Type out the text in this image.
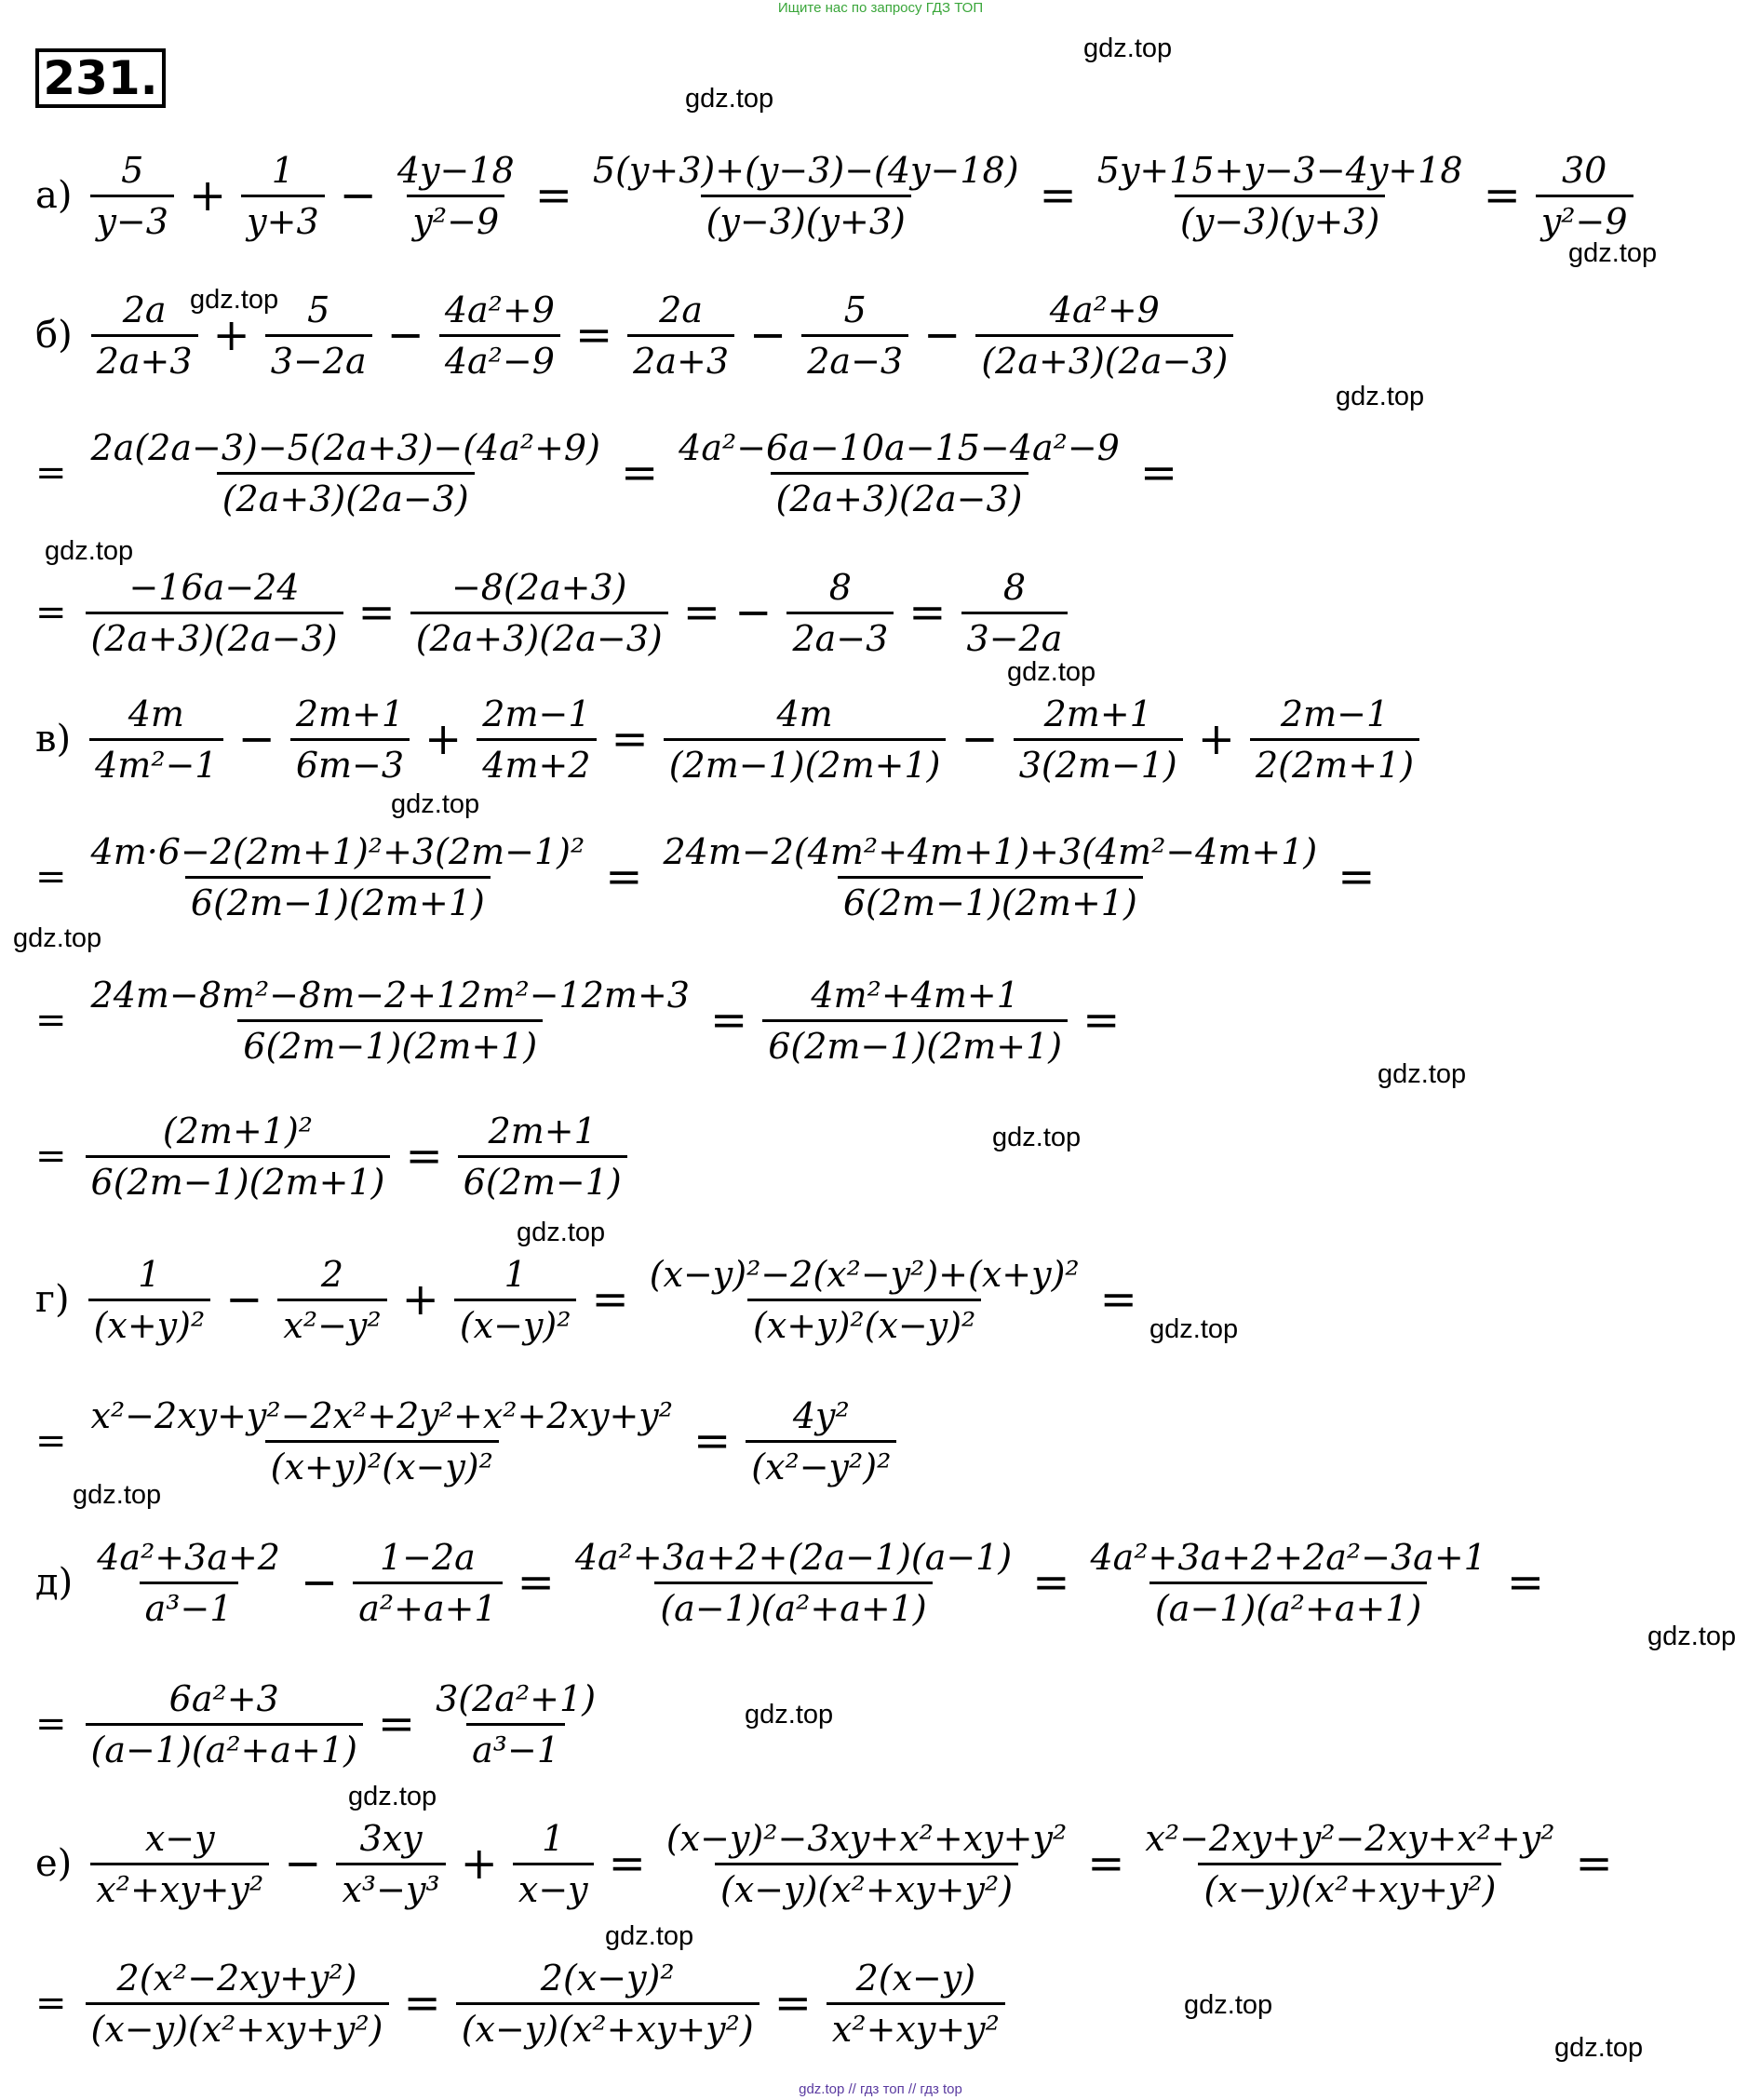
Ищите нас по запросу ГДЗ ТОП
231.
gdz.top
gdz.top
gdz.top
gdz.top
gdz.top
gdz.top
gdz.top
gdz.top
gdz.top
gdz.top
gdz.top
gdz.top
gdz.top
gdz.top
gdz.top
gdz.top
gdz.top
gdz.top
gdz.top
gdz.top
$а) \frac{5}{y-3} + \frac{1}{y+3} - \frac{4y-18}{\text{y²−9}} = \frac{5(y+3)+(y-3)-(4y-18)}{(y-3)(y+3)} = \frac{5y+15+y-3-4y+18}{(y-3)(y+3)} = \frac{30}{\text{y²−9}}$
$б) \frac{2a}{2a+3} + \frac{5}{3-2a} - \frac{\text{4a²+9}}{\text{4a²−9}} = \frac{2a}{2a+3} - \frac{5}{2a-3} - \frac{\text{4a²+9}}{(2a+3)(2a-3)}$
= $\frac{\text{2a(2a−3)−5(2a+3)−(4a²+9)}}{(2a+3)(2a-3)} = \frac{\text{4a²−6a−10a−15−4a²−9}}{(2a+3)(2a-3)}$ =
= $\frac{-16a-24}{(2a+3)(2a-3)} = \frac{-8(2a+3)}{(2a+3)(2a-3)}$ = − $\frac{8}{2a-3} = \frac{8}{3-2a}$
$в) \frac{4m}{\text{4m²−1}} - \frac{2m+1}{6m-3} + \frac{2m-1}{4m+2} = \frac{4m}{(2m-1)(2m+1)} - \frac{2m+1}{3(2m-1)} + \frac{2m-1}{2(2m+1)}$
= $\frac{\text{4m·6−2(2m+1)²+3(2m−1)²}}{6(2m-1)(2m+1)} = \frac{\text{24m−2(4m²+4m+1)+3(4m²−4m+1)}}{6(2m-1)(2m+1)}$ =
= $\frac{\text{24m−8m²−8m−2+12m²−12m+3}}{6(2m-1)(2m+1)} = \frac{\text{4m²+4m+1}}{6(2m-1)(2m+1)}$ =
= $\frac{\text{(2m+1)²}}{6(2m-1)(2m+1)} = \frac{2m+1}{6(2m-1)}$
$г) \frac{1}{\text{(x+y)²}} - \frac{2}{\text{x²−y²}} + \frac{1}{\text{(x−y)²}} = \frac{\text{(x−y)²−2(x²−y²)+(x+y)²}}{\text{(x+y)²(x−y)²}}$ =
= $\frac{\text{x²−2xy+y²−2x²+2y²+x²+2xy+y²}}{\text{(x+y)²(x−y)²}} = \frac{\text{4y²}}{\text{(x²−y²)²}}$
$д) \frac{\text{4a²+3a+2}}{\text{a³−1}} - \frac{1-2a}{\text{a²+a+1}} = \frac{\text{4a²+3a+2+(2a−1)(a−1)}}{\text{(a−1)(a²+a+1)}} = \frac{\text{4a²+3a+2+2a²−3a+1}}{\text{(a−1)(a²+a+1)}}$ =
= $\frac{\text{6a²+3}}{\text{(a−1)(a²+a+1)}} = \frac{\text{3(2a²+1)}}{\text{a³−1}}$
$е) \frac{x-y}{\text{x²+xy+y²}} - \frac{3xy}{\text{x³−y³}} + \frac{1}{x-y} = \frac{\text{(x−y)²−3xy+x²+xy+y²}}{\text{(x−y)(x²+xy+y²)}} = \frac{\text{x²−2xy+y²−2xy+x²+y²}}{\text{(x−y)(x²+xy+y²)}}$ =
= $\frac{\text{2(x²−2xy+y²)}}{\text{(x−y)(x²+xy+y²)}} = \frac{\text{2(x−y)²}}{\text{(x−y)(x²+xy+y²)}} = \frac{2(x-y)}{\text{x²+xy+y²}}$
gdz.top // гдз топ // гдз top
